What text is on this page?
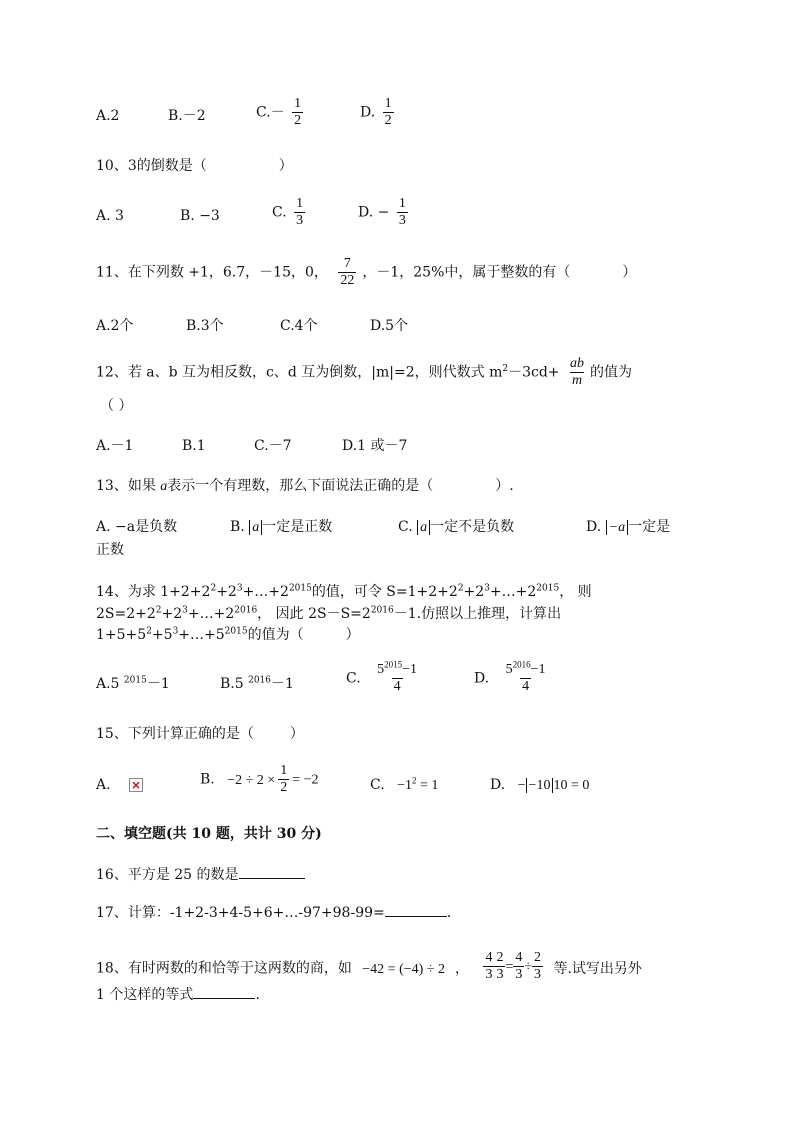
A.2	B.－2	$C.- \frac{1}{2}$	D. $\frac{1}{2}$
10、3的倒数是（	）
A. 3	B. −3	C. $\frac{1}{3}$	D. − $\frac{1}{3}$
11、在下列数 +1，6.7，－15，0， $\frac{7}{22}$ ，－1，25%中，属于整数的有（	）
A.2个	B.3个	C.4个	D.5个
12、若 a、b 互为相反数，c、d 互为倒数，|m|=2，则代数式 $m^2-3cd+ \frac{ab}{m}$ 的值为
（ ）
A.－1	B.1	C.－7	D.1 或－7
13、如果 a表示一个有理数，那么下面说法正确的是（	）.
A. −a是负数	B. a 一定是正数	C. a 一定不是负数	D. −a 一定是
正数
14、为求 $1+2+2^2+2^3+\dots+2^{2015}$的值，可令 $S=1+2+2^2+2^3+\dots+2^{2015}$， 则
$2S=2+2^2+2^3+\dots+2^{2016}$， 因此 $2S-S=2^{2016}-1$.仿照以上推理，计算出
$1+5+5^2+5^3+\dots+5^{2015}$的值为（	）
A.5 $^{2015}$－1	B.5 $^{2016}$－1	C. $\frac{5^{2015}-1}{4}$	D. $\frac{5^{2016}-1}{4}$
15、下列计算正确的是（	）
A. ×	B. $-2 \div 2 \times \frac{1}{2} = -2$	C. $-1^2 = 1$	D. − −10 10 = 0
二、填空题(共 10 题，共计 30 分)
16、平方是 25 的数是
17、计算：-1+2-3+4-5+6+…-97+98-99=	.
18、有时两数的和恰等于这两数的商，如 −42 = (−4) ÷ 2 ， $\frac{4}{3} \frac{2}{3} = \frac{4}{3} \div \frac{2}{3}$ 等.试写出另外
1 个这样的等式	.
